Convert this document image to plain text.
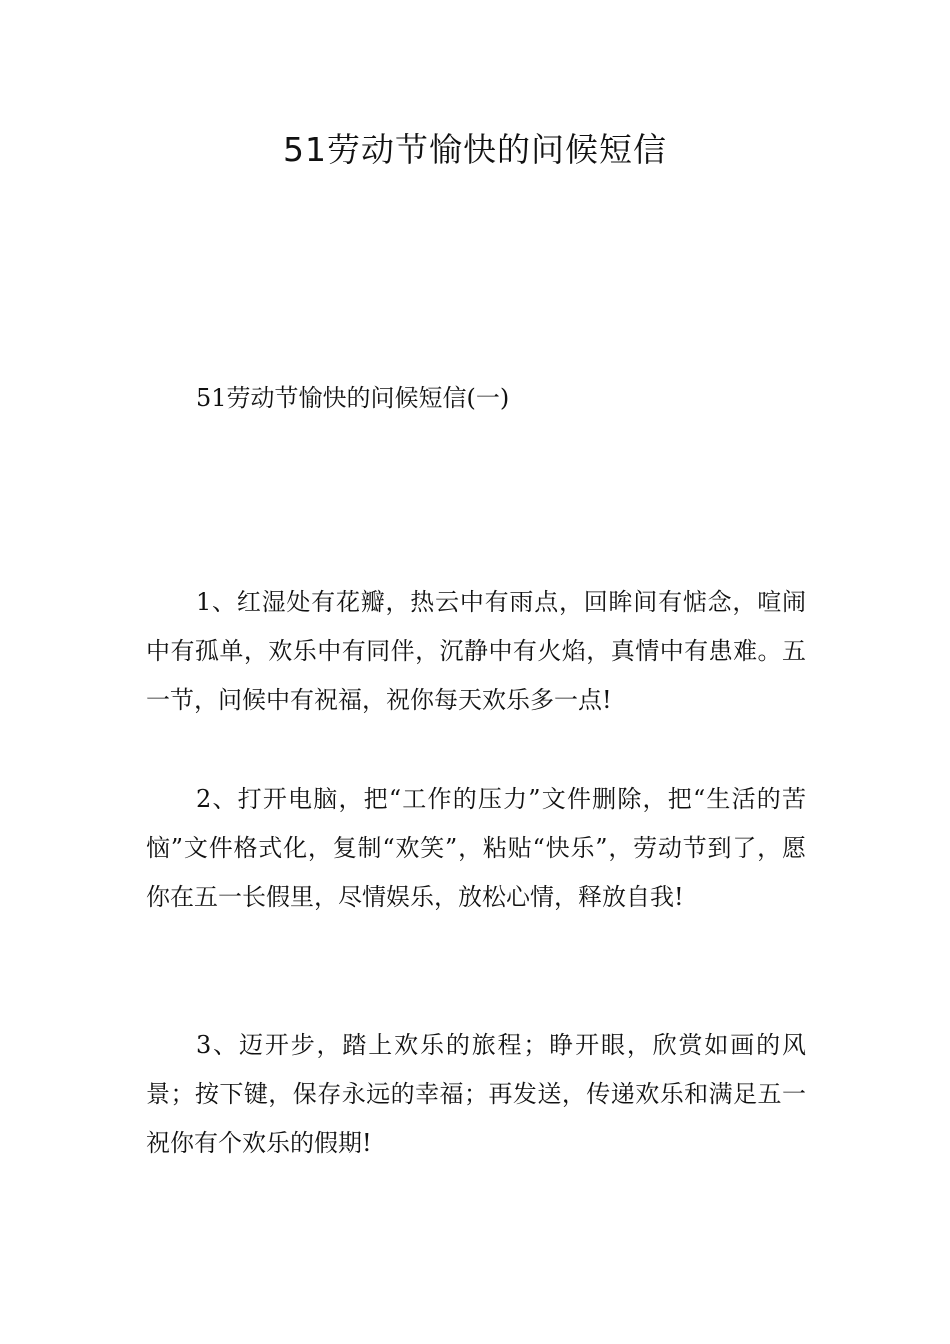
51劳动节愉快的问候短信
51劳动节愉快的问候短信(一)

1、红湿处有花瓣，热云中有雨点，回眸间有惦念，喧闹中有孤单，欢乐中有同伴，沉静中有火焰，真情中有患难。五一节，问候中有祝福，祝你每天欢乐多一点!

2、打开电脑，把“工作的压力”文件删除，把“生活的苦恼”文件格式化，复制“欢笑”，粘贴“快乐”，劳动节到了，愿你在五一长假里，尽情娱乐，放松心情，释放自我!

3、迈开步，踏上欢乐的旅程；睁开眼，欣赏如画的风景；按下键，保存永远的幸福；再发送，传递欢乐和满足五一祝你有个欢乐的假期!
